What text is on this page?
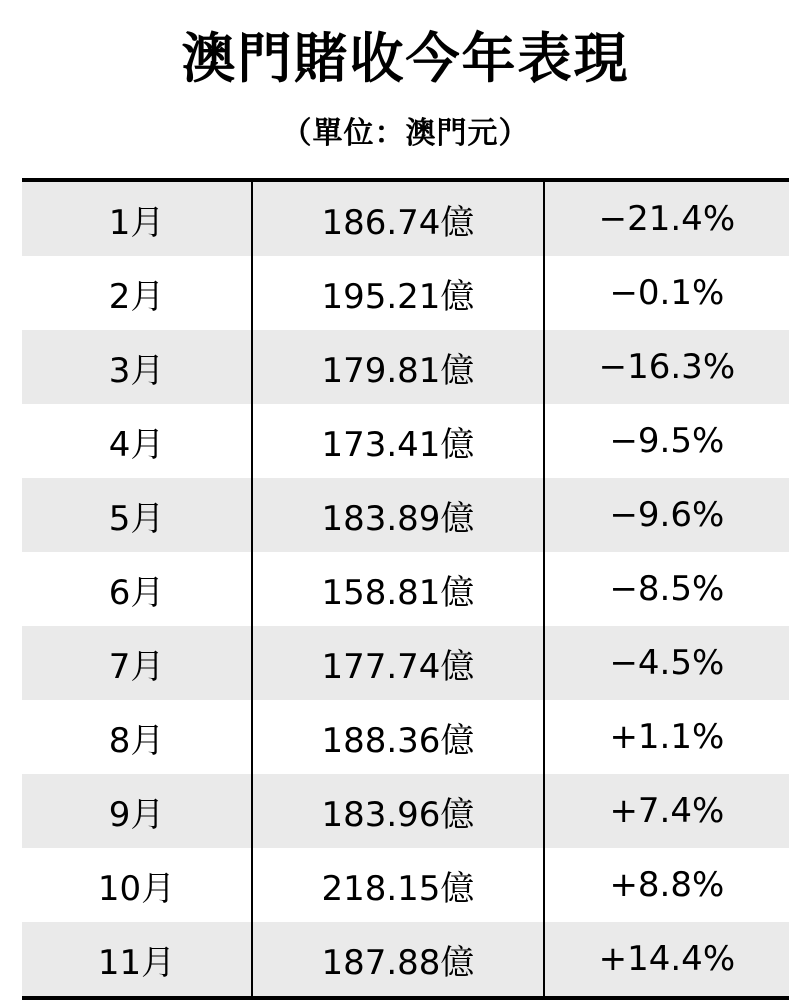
澳門賭收今年表現
（單位：澳門元）
1月	186.74億	−21.4%
2月	195.21億	−0.1%
3月	179.81億	−16.3%
4月	173.41億	−9.5%
5月	183.89億	−9.6%
6月	158.81億	−8.5%
7月	177.74億	−4.5%
8月	188.36億	+1.1%
9月	183.96億	+7.4%
10月	218.15億	+8.8%
11月	187.88億	+14.4%
